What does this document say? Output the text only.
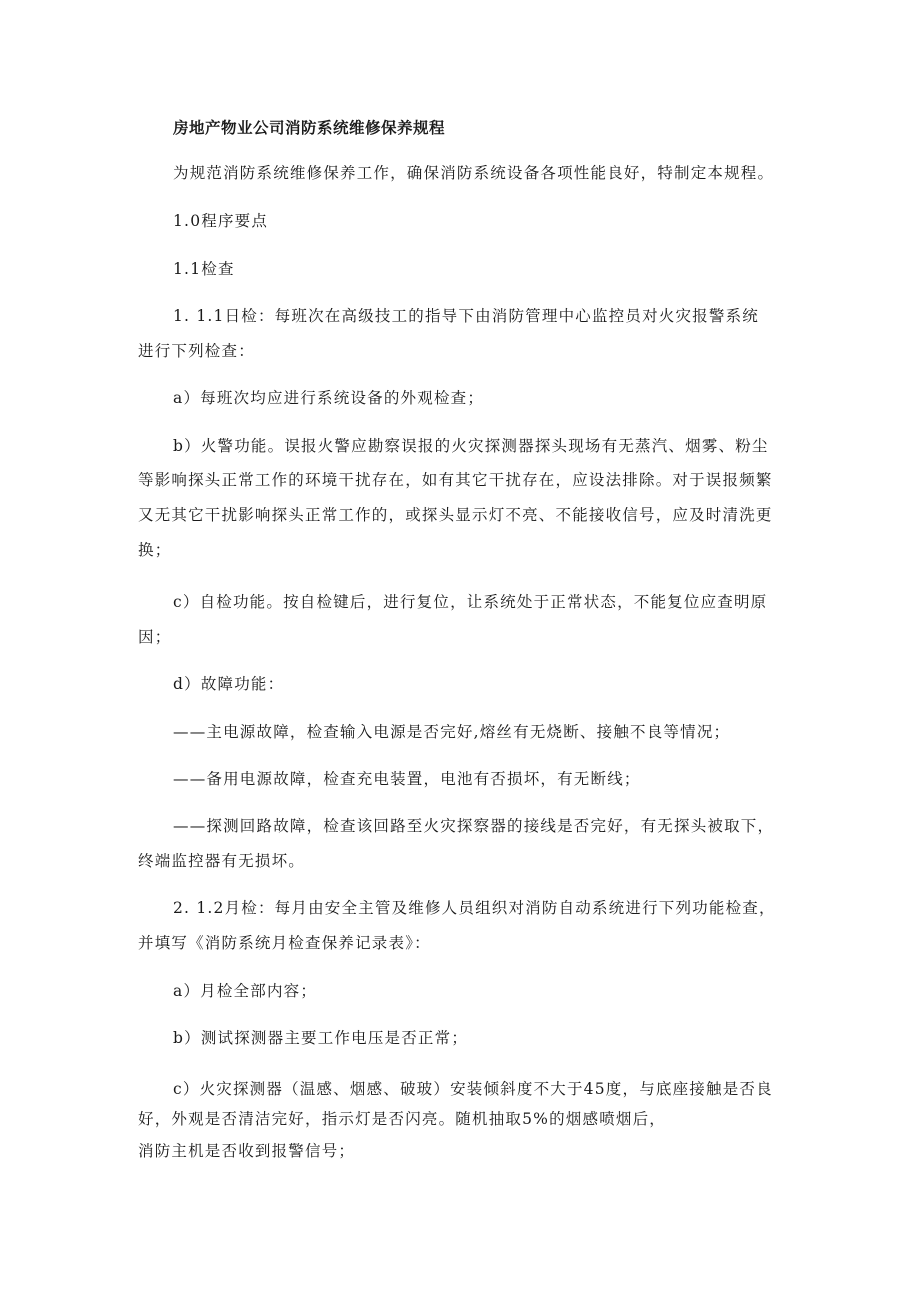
房地产物业公司消防系统维修保养规程
为规范消防系统维修保养工作，确保消防系统设备各项性能良好，特制定本规程。
1.0程序要点
1.1检查
1. 1.1日检：每班次在高级技工的指导下由消防管理中心监控员对火灾报警系统
进行下列检查：
a）每班次均应进行系统设备的外观检查；
b）火警功能。误报火警应勘察误报的火灾探测器探头现场有无蒸汽、烟雾、粉尘
等影响探头正常工作的环境干扰存在，如有其它干扰存在，应设法排除。对于误报频繁
又无其它干扰影响探头正常工作的，或探头显示灯不亮、不能接收信号，应及时清洗更
换；
c）自检功能。按自检键后，进行复位，让系统处于正常状态，不能复位应查明原
因；
d）故障功能：
——主电源故障，检查输入电源是否完好,熔丝有无烧断、接触不良等情况；
——备用电源故障，检查充电装置，电池有否损坏，有无断线；
——探测回路故障，检查该回路至火灾探察器的接线是否完好，有无探头被取下，
终端监控器有无损坏。
2. 1.2月检：每月由安全主管及维修人员组织对消防自动系统进行下列功能检查，
并填写《消防系统月检查保养记录表》：
a）月检全部内容；
b）测试探测器主要工作电压是否正常；
c）火灾探测器（温感、烟感、破玻）安装倾斜度不大于45度，与底座接触是否良
好，外观是否清洁完好，指示灯是否闪亮。随机抽取5%的烟感喷烟后，
消防主机是否收到报警信号；
